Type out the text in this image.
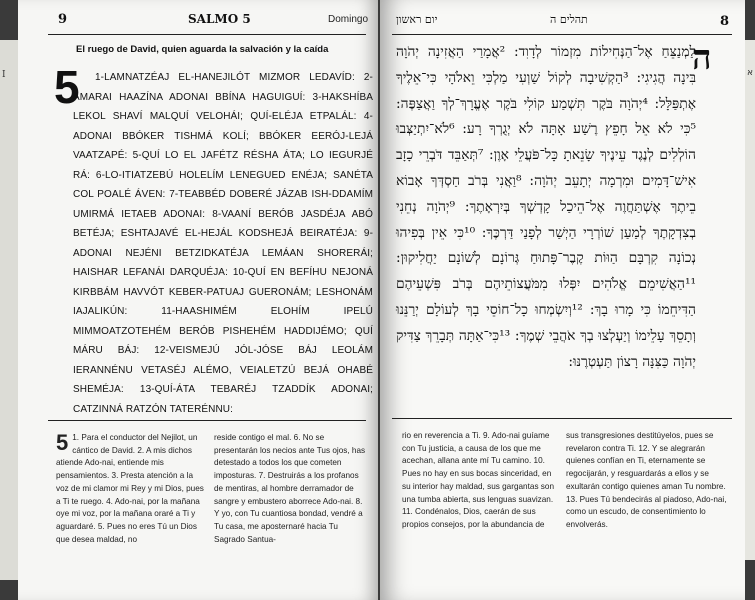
I
9	SALMO 5	Domingo
El ruego de David, quien aguarda la salvación y la caída
5	1-LAMNATZÉAJ EL-HANEJILÓT MIZMOR LEDAVÍD: 2-AMARAI HAAZÍNA ADONAI BBÍNA HAGUIGUÍ: 3-HAKSHÍBA LEKOL SHAVÍ MALQUÍ VELOHÁI; QUÍ-ELÉJA ETPALÁL: 4-ADONAI BBÓKER TISHMÁ KOLÍ; BBÓKER EERÓJ-LEJÁ VAATZAPÉ: 5-QUÍ LO EL JAFÉTZ RÉSHA ÁTA; LO IEGURJÉ RÁ: 6-LO-ITIATZEBÚ HOLELÍM LENEGUED ENÉJA; SANÉTA COL POALÉ ÁVEN: 7-TEABBÉD DOBERÉ JÁZAB ISH-DDAMÍM UMIRMÁ IETAEB ADONAI: 8-VAANÍ BERÓB JASDÉJA ABÓ BETÉJA; ESHTAJAVÉ EL-HEJÁL KODSHEJÁ BEIRATÉJA: 9-ADONAI NEJÉNI BETZIDKATÉJA LEMÁAN SHORERÁI; HAISHAR LEFANÁI DARQUÉJA: 10-QUÍ EN BEFÍHU NEJONÁ KIRBBÁM HAVVÓT KEBER-PATUAJ GUERONÁM; LESHONÁM IAJALIKÚN: 11-HAASHIMÉM ELOHÍM IPELÚ MIMMOATZOTEHÉM BERÓB PISHEHÉM HADDIJÉMO; QUÍ MÁRU BÁJ: 12-VEISMEJÚ JÓL-JÓSE BÁJ LEOLÁM IERANNÉNU VETASÉJ ALÉMO, VEIALETZÚ BEJÁ OHABÉ SHEMÉJA: 13-QUÍ-ÁTA TEBARÉJ TZADDÍK ADONAI; CATZINNÁ RATZÓN TATERÉNNU:

5 1. Para el conductor del Nejilot, un cántico de David. 2. A mis dichos atiende Ado-nai, entiende mis pensamientos. 3. Presta atención a la voz de mi clamor mi Rey y mi Dios, pues a Ti te ruego. 4. Ado-nai, por la mañana oye mi voz, por la mañana oraré a Ti y aguardaré. 5. Pues no eres Tú un Dios que desea maldad, no

reside contigo el mal. 6. No se presentarán los necios ante Tus ojos, has detestado a todos los que cometen imposturas. 7. Destruirás a los profanos de mentiras, al hombre derramador de sangre y embustero aborrece Ado-nai. 8. Y yo, con Tu cuantiosa bondad, vendré a Tu casa, me aposternaré hacia Tu Sagrado Santua-

8
תהלים ה
יום ראשון
ה

לַמְנַצֵּחַ אֶל־הַנְּחִילוֹת מִזְמוֹר לְדָוִד: ²אֲמָרַי הַאֲזִינָה יְהֹוָה בִּינָה הֲגִיגִי: ³הַקְשִׁיבָה לְקוֹל שַׁוְעִי מַלְכִּי וֵאלֹהָי כִּי־אֵלֶיךָ אֶתְפַּלָּל: ⁴יְהֹוָה בֹּקֶר תִּשְׁמַע קוֹלִי בֹּקֶר אֶעֱרָךְ־לְךָ וַאֲצַפֶּה: ⁵כִּי לֹא אֵל חָפֵץ רֶשַׁע אָתָּה לֹא יְגֻרְךָ רָע: ⁶לֹא־יִתְיַצְּבוּ הוֹלְלִים לְנֶגֶד עֵינֶיךָ שָׂנֵאתָ כָּל־פֹּעֲלֵי אָוֶן: ⁷תְּאַבֵּד דֹּבְרֵי כָזָב אִישׁ־דָּמִים וּמִרְמָה יְתָעֵב יְהֹוָה: ⁸וַאֲנִי בְּרֹב חַסְדְּךָ אָבוֹא בֵיתֶךָ אֶשְׁתַּחֲוֶה אֶל־הֵיכַל קָדְשְׁךָ בְּיִרְאָתֶךָ: ⁹יְהֹוָה נְחֵנִי בְצִדְקָתֶךָ לְמַעַן שׁוֹרְרָי הַיְשַׁר לְפָנַי דַּרְכֶּךָ: ¹⁰כִּי אֵין בְּפִיהוּ נְכוֹנָה קִרְבָּם הַוּוֹת קֶבֶר־פָּתוּחַ גְּרוֹנָם לְשׁוֹנָם יַחֲלִיקוּן: ¹¹הַאֲשִׁימֵם אֱלֹהִים יִפְּלוּ מִמֹּעֲצוֹתֵיהֶם בְּרֹב פִּשְׁעֵיהֶם הַדִּיחֵמוֹ כִּי מָרוּ בָךְ: ¹²וְיִשְׂמְחוּ כָל־חוֹסֵי בָךְ לְעוֹלָם יְרַנֵּנוּ וְתָסֵךְ עָלֵימוֹ וְיַעְלְצוּ בְךָ אֹהֲבֵי שְׁמֶךָ: ¹³כִּי־אַתָּה תְּבָרֵךְ צַדִּיק יְהֹוָה כַּצִּנָּה רָצוֹן תַּעְטְרֶנּוּ:

rio en reverencia a Ti. 9. Ado-nai guíame con Tu justicia, a causa de los que me acechan, allana ante mí Tu camino. 10. Pues no hay en sus bocas sinceridad, en su interior hay maldad, sus gargantas son una tumba abierta, sus lenguas suavizan. 11. Condénalos, Dios, caerán de sus propios consejos, por la abundancia de

sus transgresiones destitúyelos, pues se revelaron contra Ti. 12. Y se alegrarán quienes confían en Ti, eternamente se regocijarán, y resguardarás a ellos y se exultarán contigo quienes aman Tu nombre. 13. Pues Tú bendecirás al piadoso, Ado-nai, como un escudo, de consentimiento lo envolverás.

א
